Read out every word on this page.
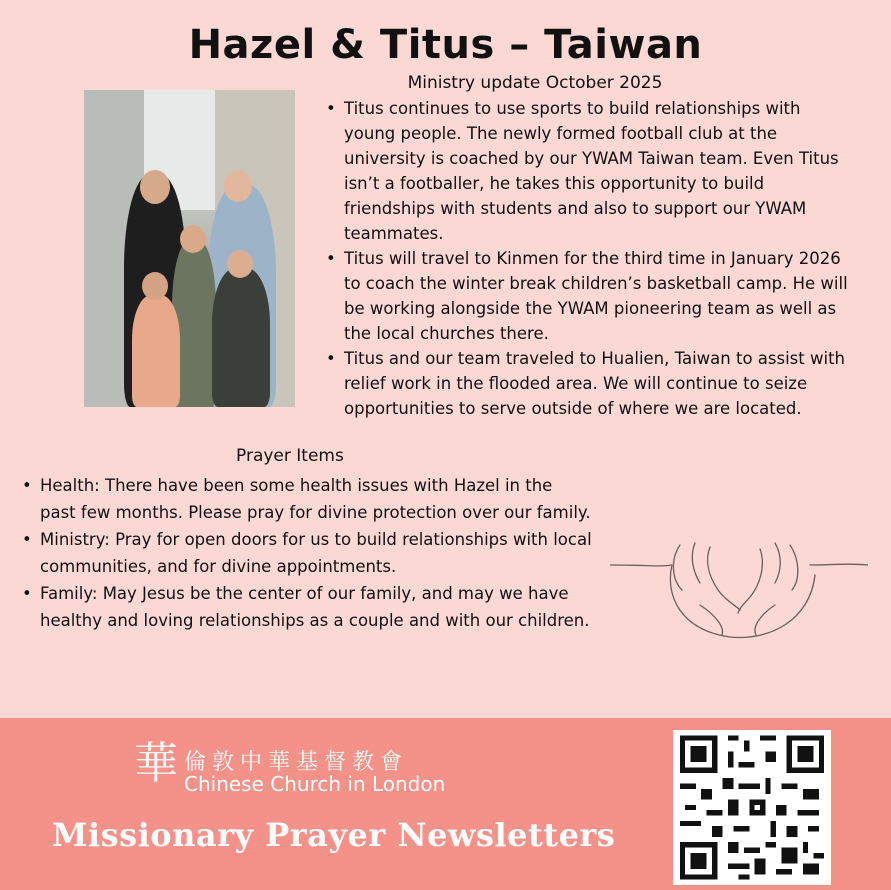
Hazel & Titus – Taiwan
Ministry update October 2025
• Titus continues to use sports to build relationships with young people. The newly formed football club at the university is coached by our YWAM Taiwan team. Even Titus isn’t a footballer, he takes this opportunity to build friendships with students and also to support our YWAM teammates.
• Titus will travel to Kinmen for the third time in January 2026 to coach the winter break children’s basketball camp. He will be working alongside the YWAM pioneering team as well as the local churches there.
• Titus and our team traveled to Hualien, Taiwan to assist with relief work in the flooded area. We will continue to seize opportunities to serve outside of where we are located.
Prayer Items
• Health: There have been some health issues with Hazel in the past few months. Please pray for divine protection over our family.
• Ministry: Pray for open doors for us to build relationships with local communities, and for divine appointments.
• Family: May Jesus be the center of our family, and may we have healthy and loving relationships as a couple and with our children.
華 倫敦中華基督教會
Chinese Church in London
Missionary Prayer Newsletters
